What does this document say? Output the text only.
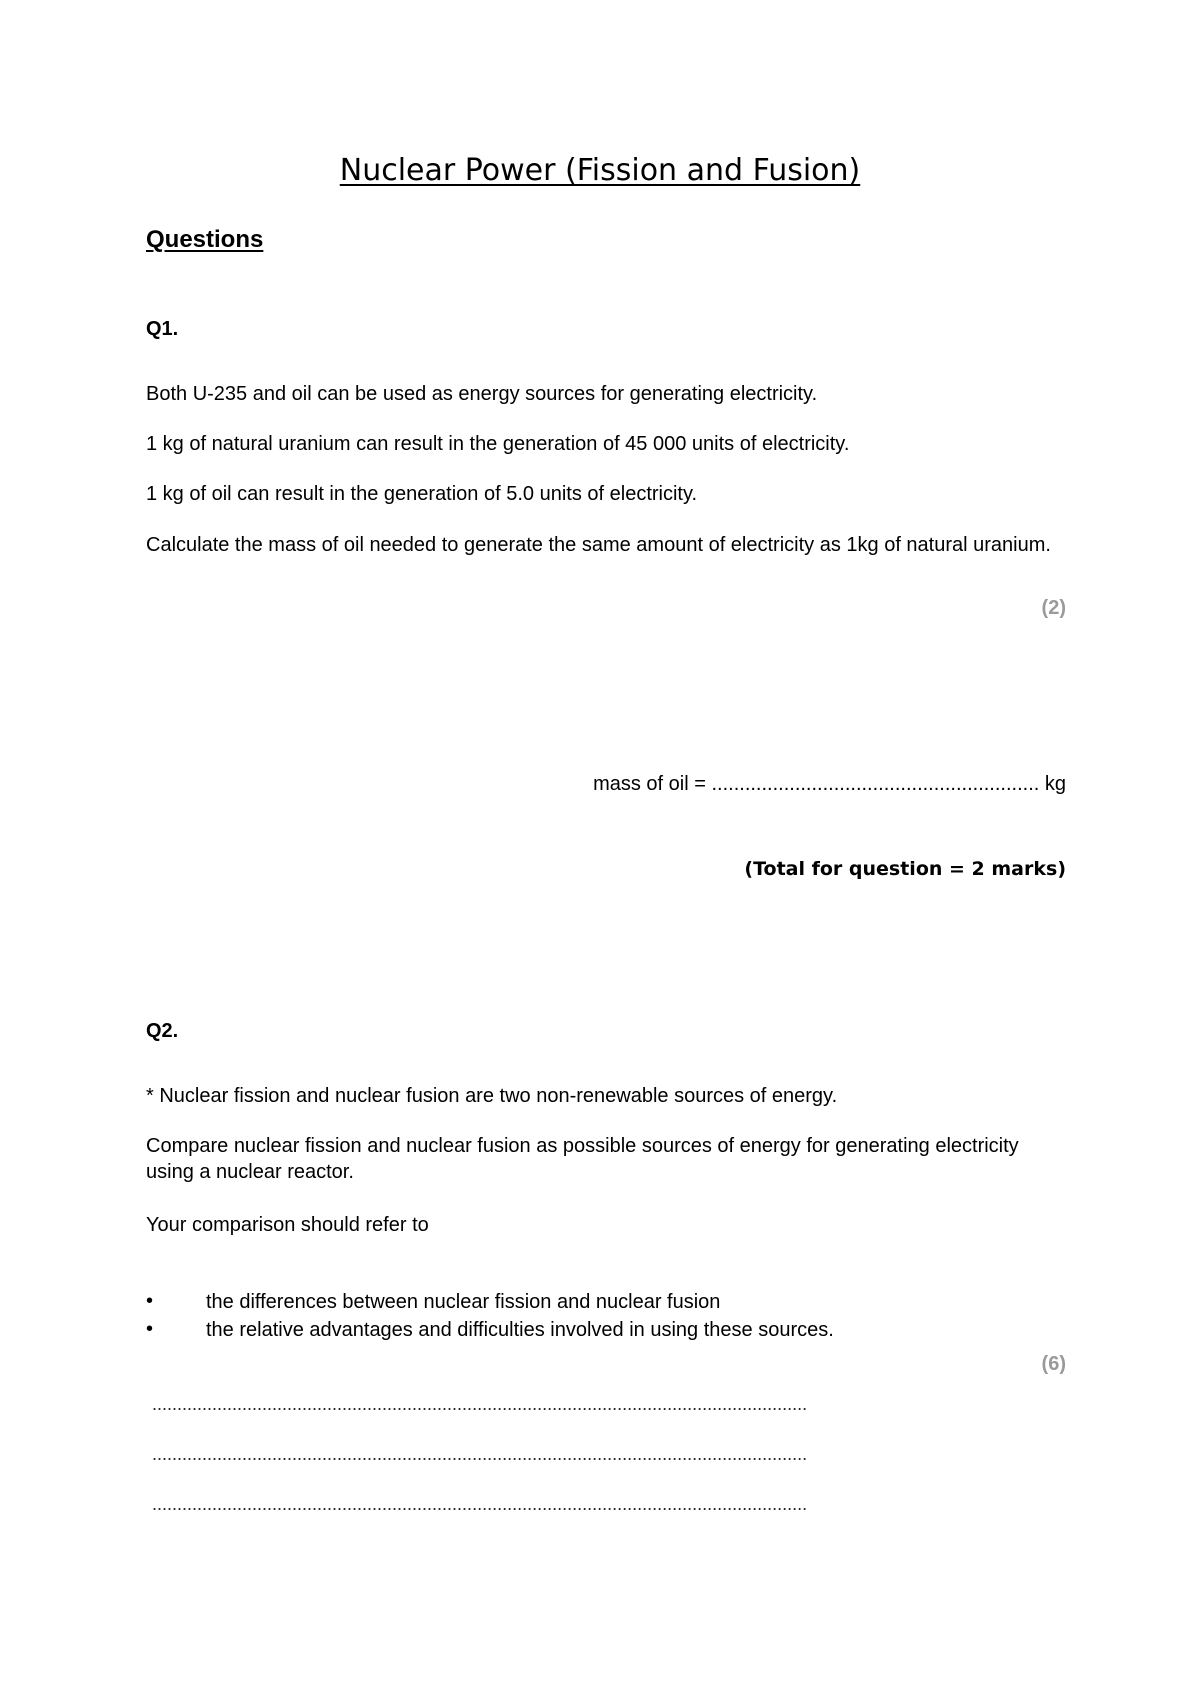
Nuclear Power (Fission and Fusion)
Questions
Q1.
Both U-235 and oil can be used as energy sources for generating electricity.
1 kg of natural uranium can result in the generation of 45 000 units of electricity.
1 kg of oil can result in the generation of 5.0 units of electricity.
Calculate the mass of oil needed to generate the same amount of electricity as 1kg of natural uranium.
(2)
mass of oil = ........................................................... kg
(Total for question = 2 marks)
Q2.
* Nuclear fission and nuclear fusion are two non-renewable sources of energy.
Compare nuclear fission and nuclear fusion as possible sources of energy for generating electricity using a nuclear reactor.
Your comparison should refer to
•	the differences between nuclear fission and nuclear fusion
•	the relative advantages and difficulties involved in using these sources.
(6)
...................................................................................................................................
...................................................................................................................................
...................................................................................................................................
